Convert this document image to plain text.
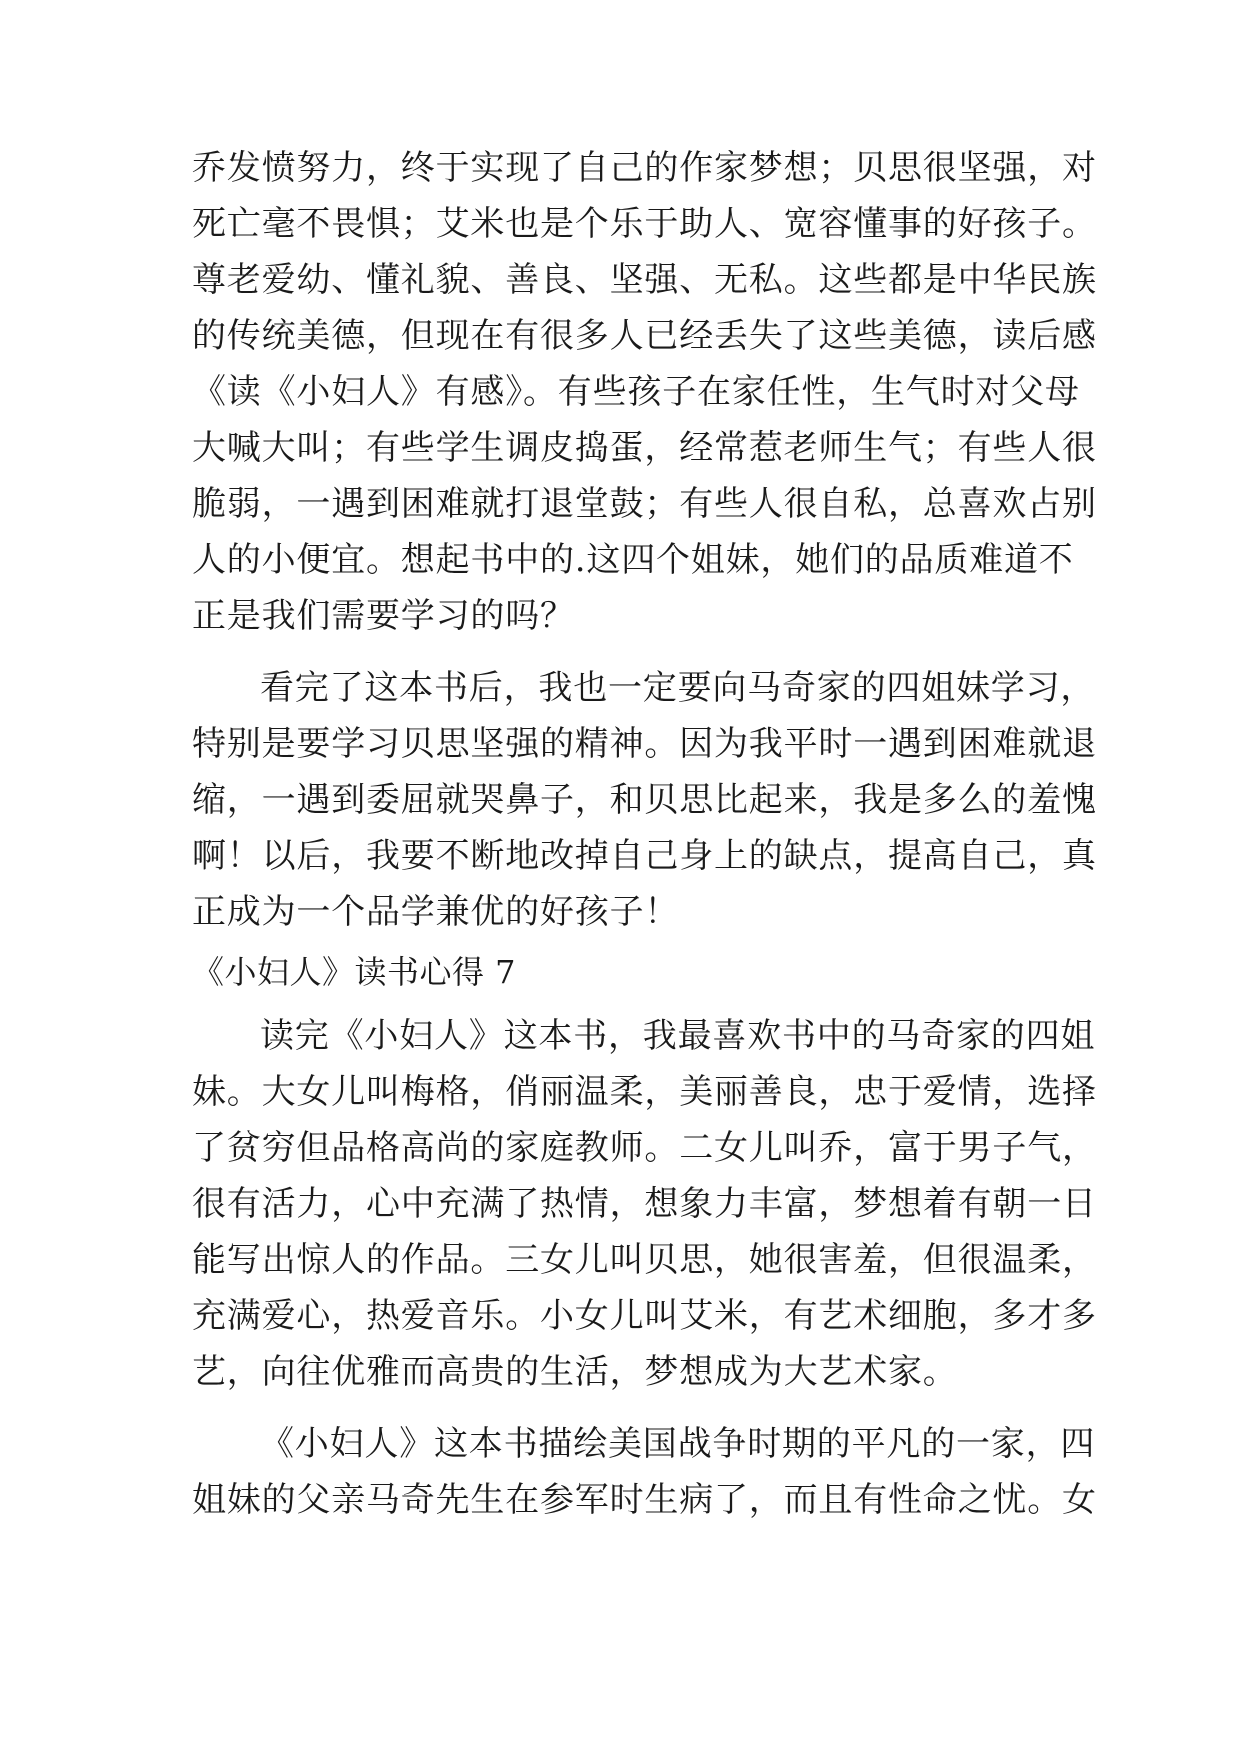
乔发愤努力，终于实现了自己的作家梦想；贝思很坚强，对

死亡毫不畏惧；艾米也是个乐于助人、宽容懂事的好孩子。

尊老爱幼、懂礼貌、善良、坚强、无私。这些都是中华民族

的传统美德，但现在有很多人已经丢失了这些美德，读后感

《读《小妇人》有感》。有些孩子在家任性，生气时对父母

大喊大叫；有些学生调皮捣蛋，经常惹老师生气；有些人很

脆弱，一遇到困难就打退堂鼓；有些人很自私，总喜欢占别

人的小便宜。想起书中的.这四个姐妹，她们的品质难道不

正是我们需要学习的吗？

看完了这本书后，我也一定要向马奇家的四姐妹学习，

特别是要学习贝思坚强的精神。因为我平时一遇到困难就退

缩，一遇到委屈就哭鼻子，和贝思比起来，我是多么的羞愧

啊！以后，我要不断地改掉自己身上的缺点，提高自己，真

正成为一个品学兼优的好孩子！

《小妇人》读书心得 7

读完《小妇人》这本书，我最喜欢书中的马奇家的四姐

妹。大女儿叫梅格，俏丽温柔，美丽善良，忠于爱情，选择

了贫穷但品格高尚的家庭教师。二女儿叫乔，富于男子气，

很有活力，心中充满了热情，想象力丰富，梦想着有朝一日

能写出惊人的作品。三女儿叫贝思，她很害羞，但很温柔，

充满爱心，热爱音乐。小女儿叫艾米，有艺术细胞，多才多

艺，向往优雅而高贵的生活，梦想成为大艺术家。

《小妇人》这本书描绘美国战争时期的平凡的一家，四

姐妹的父亲马奇先生在参军时生病了，而且有性命之忧。女
